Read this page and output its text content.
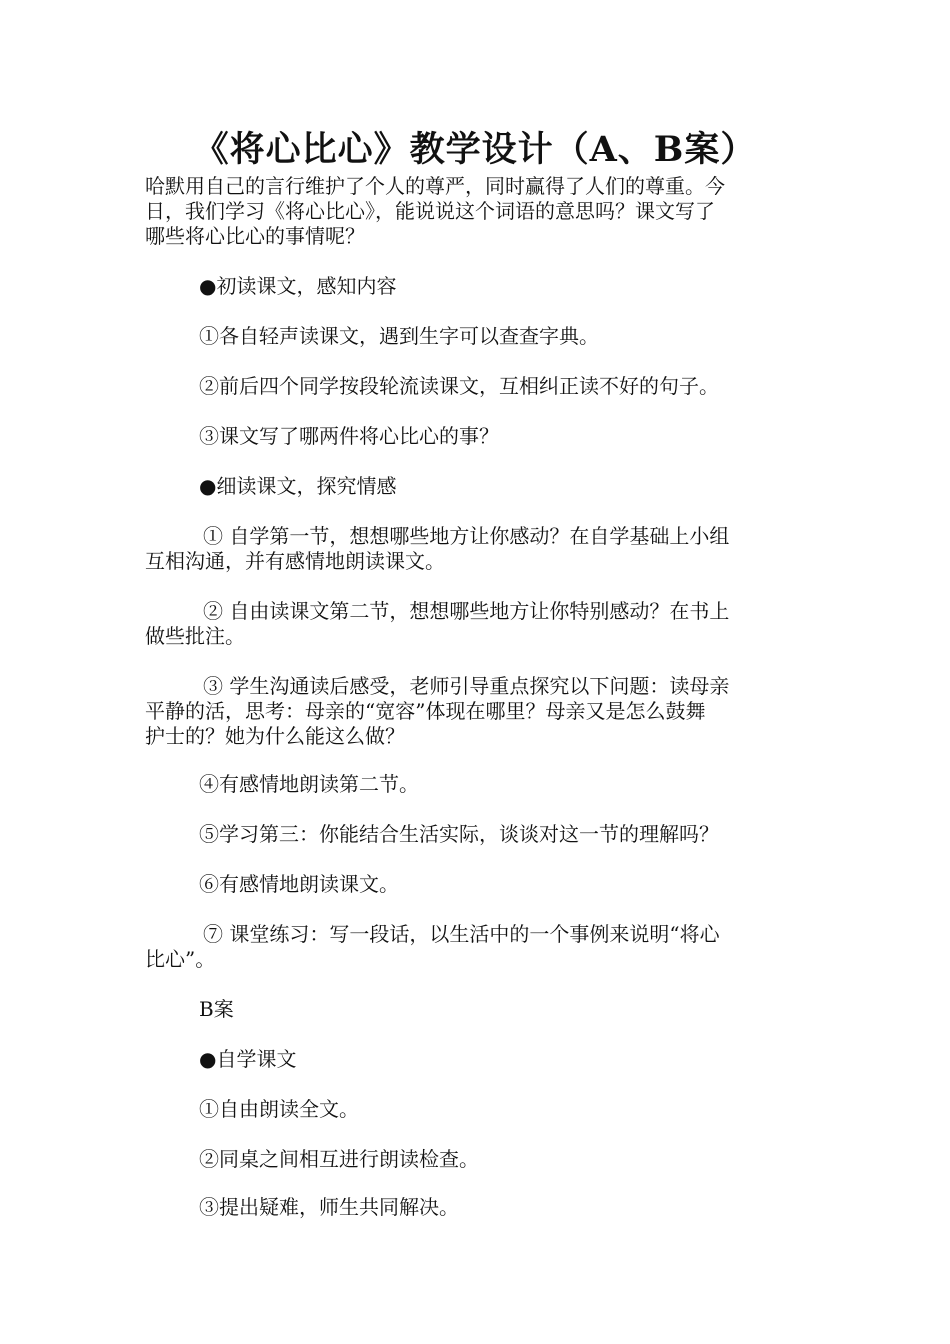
《将心比心》教学设计（A、B案）

哈默用自己的言行维护了个人的尊严，同时赢得了人们的尊重。今

日，我们学习《将心比心》，能说说这个词语的意思吗？课文写了

哪些将心比心的事情呢？

●初读课文，感知内容

①各自轻声读课文，遇到生字可以查查字典。

②前后四个同学按段轮流读课文，互相纠正读不好的句子。

③课文写了哪两件将心比心的事？

●细读课文，探究情感

① 自学第一节，想想哪些地方让你感动？在自学基础上小组

互相沟通，并有感情地朗读课文。

② 自由读课文第二节，想想哪些地方让你特别感动？在书上

做些批注。

③ 学生沟通读后感受，老师引导重点探究以下问题：读母亲

平静的活，思考：母亲的“宽容”体现在哪里？母亲又是怎么鼓舞

护士的？她为什么能这么做？

④有感情地朗读第二节。

⑤学习第三：你能结合生活实际，谈谈对这一节的理解吗？

⑥有感情地朗读课文。

⑦ 课堂练习：写一段话，以生活中的一个事例来说明“将心

比心”。

B案

●自学课文

①自由朗读全文。

②同桌之间相互进行朗读检查。

③提出疑难，师生共同解决。
